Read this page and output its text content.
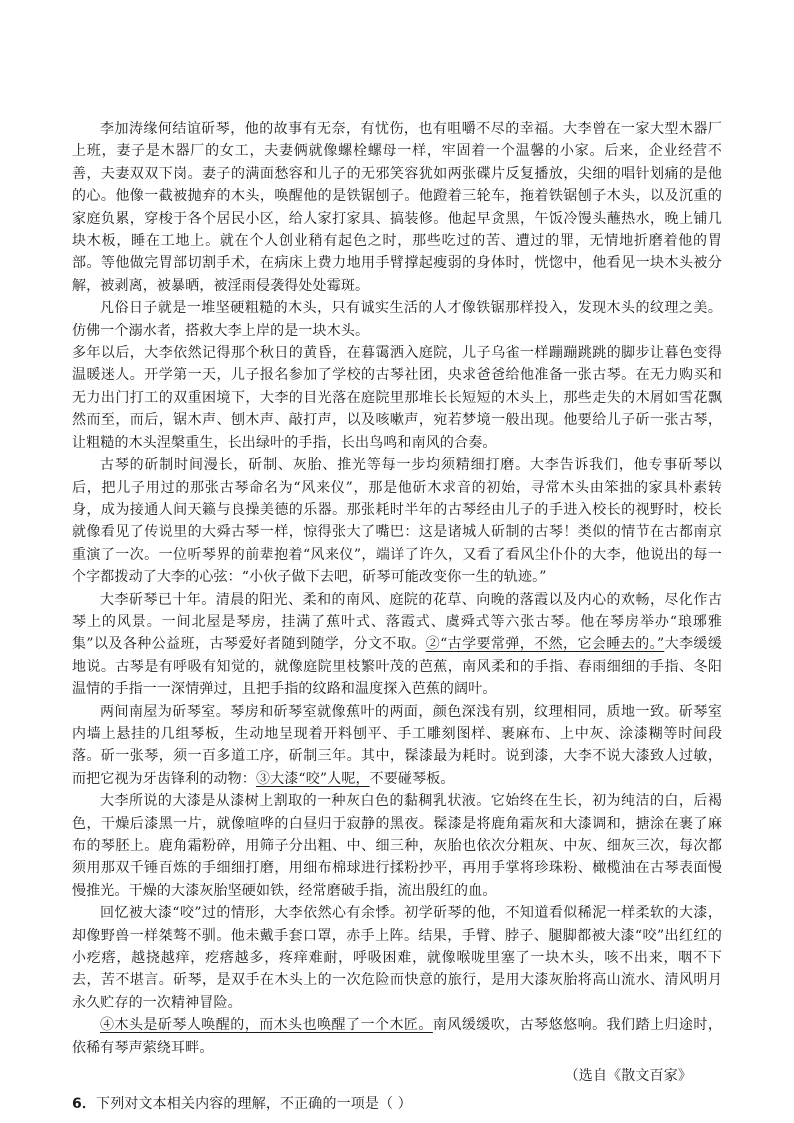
李加涛缘何结谊斫琴，他的故事有无奈，有忧伤，也有咀嚼不尽的幸福。大李曾在一家大型木器厂上班，妻子是木器厂的女工，夫妻俩就像螺栓螺母一样，牢固着一个温馨的小家。后来，企业经营不善，夫妻双双下岗。妻子的满面愁容和儿子的无邪笑容犹如两张碟片反复播放，尖细的唱针划痛的是他的心。他像一截被抛弃的木头，唤醒他的是铁锯刨子。他蹬着三轮车，拖着铁锯刨子木头，以及沉重的家庭负累，穿梭于各个居民小区，给人家打家具、搞装修。他起早贪黑，午饭冷馒头蘸热水，晚上铺几块木板，睡在工地上。就在个人创业稍有起色之时，那些吃过的苦、遭过的罪，无情地折磨着他的胃部。等他做完胃部切割手术，在病床上费力地用手臂撑起瘦弱的身体时，恍惚中，他看见一块木头被分解，被剥离，被暴晒，被淫雨侵袭得处处霉斑。

凡俗日子就是一堆坚硬粗糙的木头，只有诚实生活的人才像铁锯那样投入，发现木头的纹理之美。仿佛一个溺水者，搭救大李上岸的是一块木头。

多年以后，大李依然记得那个秋日的黄昏，在暮霭洒入庭院，儿子乌雀一样蹦蹦跳跳的脚步让暮色变得温暖迷人。开学第一天，儿子报名参加了学校的古琴社团，央求爸爸给他准备一张古琴。在无力购买和无力出门打工的双重困境下，大李的目光落在庭院里那堆长长短短的木头上，那些走失的木屑如雪花飘然而至，而后，锯木声、刨木声、敲打声，以及咳嗽声，宛若梦境一般出现。他要给儿子斫一张古琴，让粗糙的木头涅槃重生，长出绿叶的手指，长出鸟鸣和南风的合奏。

古琴的斫制时间漫长，斫制、灰胎、推光等每一步均须精细打磨。大李告诉我们，他专事斫琴以后，把儿子用过的那张古琴命名为“风来仪”，那是他斫木求音的初始，寻常木头由笨拙的家具朴素转身，成为接通人间天籁与良操美德的乐器。那张耗时半年的古琴经由儿子的手进入校长的视野时，校长就像看见了传说里的大舜古琴一样，惊得张大了嘴巴：这是诸城人斫制的古琴！类似的情节在古都南京重演了一次。一位听琴界的前辈抱着“风来仪”，端详了许久，又看了看风尘仆仆的大李，他说出的每一个字都拨动了大李的心弦：“小伙子做下去吧，斫琴可能改变你一生的轨迹。”

大李斫琴已十年。清晨的阳光、柔和的南风、庭院的花草、向晚的落霞以及内心的欢畅，尽化作古琴上的风景。一间北屋是琴房，挂满了蕉叶式、落霞式、虞舜式等六张古琴。他在琴房举办“琅琊雅集”以及各种公益班，古琴爱好者随到随学，分文不取。②“古学要常弹，不然，它会睡去的。”大李缓缓地说。古琴是有呼吸有知觉的，就像庭院里枝繁叶茂的芭蕉，南风柔和的手指、春雨细细的手指、冬阳温情的手指一一深情弹过，且把手指的纹路和温度探入芭蕉的阔叶。

两间南屋为斫琴室。琴房和斫琴室就像蕉叶的两面，颜色深浅有别，纹理相同，质地一致。斫琴室内墙上悬挂的几组琴板，生动地呈现着开料刨平、手工雕刻图样、裹麻布、上中灰、涂漆糊等时间段落。斫一张琴，须一百多道工序，斫制三年。其中，髹漆最为耗时。说到漆，大李不说大漆致人过敏，而把它视为牙齿锋利的动物：③大漆“咬”人呢，不要碰琴板。

大李所说的大漆是从漆树上割取的一种灰白色的黏稠乳状液。它始终在生长，初为纯洁的白，后褐色，干燥后漆黑一片，就像喧哗的白昼归于寂静的黑夜。髹漆是将鹿角霜灰和大漆调和，搪涂在裹了麻布的琴胚上。鹿角霜粉碎，用筛子分出粗、中、细三种，灰胎也依次分粗灰、中灰、细灰三次，每次都须用那双千锤百炼的手细细打磨，用细布棉球进行揉粉抄平，再用手掌将珍珠粉、橄榄油在古琴表面慢慢推光。干燥的大漆灰胎坚硬如铁，经常磨破手指，流出殷红的血。

回忆被大漆“咬”过的情形，大李依然心有余悸。初学斫琴的他，不知道看似稀泥一样柔软的大漆，却像野兽一样桀骜不驯。他未戴手套口罩，赤手上阵。结果，手臂、脖子、腿脚都被大漆“咬”出红红的小疙瘩，越挠越痒，疙瘩越多，疼痒难耐，呼吸困难，就像喉咙里塞了一块木头，咳不出来，咽不下去，苦不堪言。斫琴，是双手在木头上的一次危险而快意的旅行，是用大漆灰胎将高山流水、清风明月永久贮存的一次精神冒险。

④木头是斫琴人唤醒的，而木头也唤醒了一个木匠。南风缓缓吹，古琴悠悠响。我们踏上归途时，依稀有琴声萦绕耳畔。

（选自《散文百家》

6．下列对文本相关内容的理解，不正确的一项是（ ）
